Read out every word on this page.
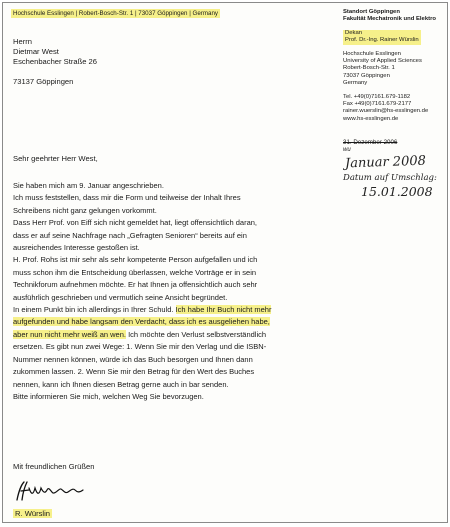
Hochschule Esslingen | Robert-Bosch-Str. 1 | 73037 Göppingen | Germany
Herrn
Dietmar West
Eschenbacher Straße 26
73137 Göppingen
Standort Göppingen
Fakultät Mechatronik und Elektro
Dekan
Prof. Dr.-Ing. Rainer Würslin
Hochschule Esslingen
University of Applied Sciences
Robert-Bosch-Str. 1
73037 Göppingen
Germany
Tel. +49(0)7161.679-1182
Fax +49(0)7161.679-2177
rainer.wuerslin@hs-esslingen.de
www.hs-esslingen.de
31. Dezember 2006
wu
Januar 2008
Datum auf Umschlag:
15.01.2008
Sehr geehrter Herr West,
Sie haben mich am 9. Januar angeschrieben.
Ich muss feststellen, dass mir die Form und teilweise der Inhalt Ihres
Schreibens nicht ganz gelungen vorkommt.
Dass Herr Prof. von Eiff sich nicht gemeldet hat, liegt offensichtlich daran,
dass er auf seine Nachfrage nach „Gefragten Senioren“ bereits auf ein
ausreichendes Interesse gestoßen ist.
H. Prof. Rohs ist mir sehr als sehr kompetente Person aufgefallen und ich
muss schon ihm die Entscheidung überlassen, welche Vorträge er in sein
Technikforum aufnehmen möchte. Er hat Ihnen ja offensichtlich auch sehr
ausführlich geschrieben und vermutlich seine Ansicht begründet.
In einem Punkt bin ich allerdings in Ihrer Schuld. Ich habe Ihr Buch nicht mehr
aufgefunden und habe langsam den Verdacht, dass ich es ausgeliehen habe,
aber nun nicht mehr weiß an wen. Ich möchte den Verlust selbstverständlich
ersetzen. Es gibt nun zwei Wege: 1. Wenn Sie mir den Verlag und die ISBN-
Nummer nennen können, würde ich das Buch besorgen und Ihnen dann
zukommen lassen. 2. Wenn Sie mir den Betrag für den Wert des Buches
nennen, kann ich Ihnen diesen Betrag gerne auch in bar senden.
Bitte informieren Sie mich, welchen Weg Sie bevorzugen.
Mit freundlichen Grüßen
R. Würslin
